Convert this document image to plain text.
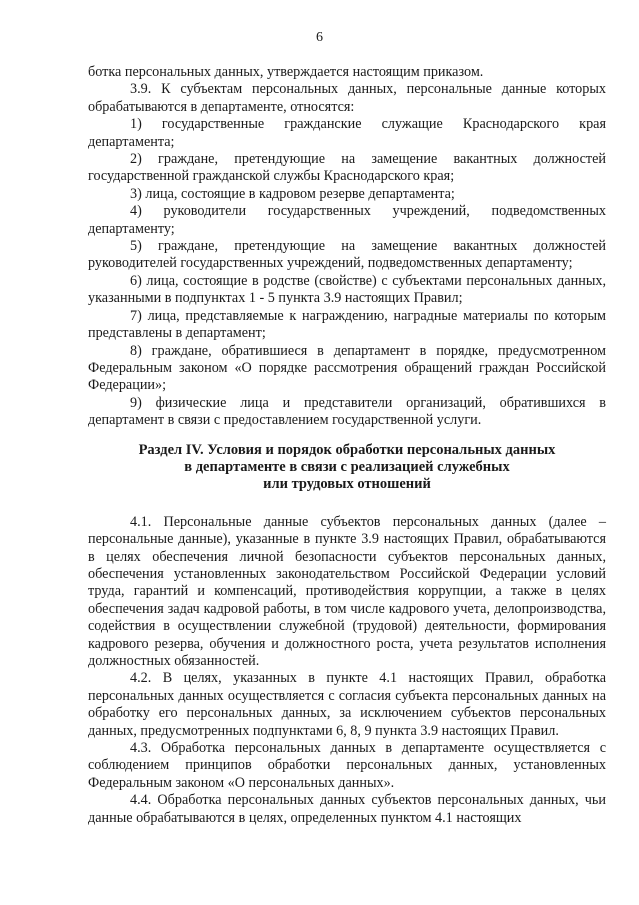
6

ботка персональных данных, утверждается настоящим приказом.

3.9. К субъектам персональных данных, персональные данные которых обрабатываются в департаменте, относятся:

1) государственные гражданские служащие Краснодарского края департамента;

2) граждане, претендующие на замещение вакантных должностей государственной гражданской службы Краснодарского края;

3) лица, состоящие в кадровом резерве департамента;

4) руководители государственных учреждений, подведомственных департаменту;

5) граждане, претендующие на замещение вакантных должностей руководителей государственных учреждений, подведомственных департаменту;

6) лица, состоящие в родстве (свойстве) с субъектами персональных данных, указанными в подпунктах 1 - 5 пункта 3.9 настоящих Правил;

7) лица, представляемые к награждению, наградные материалы по которым представлены в департамент;

8) граждане, обратившиеся в департамент в порядке, предусмотренном Федеральным законом «О порядке рассмотрения обращений граждан Российской Федерации»;

9) физические лица и представители организаций, обратившихся в департамент в связи с предоставлением государственной услуги.

Раздел IV. Условия и порядок обработки персональных данных
в департаменте в связи с реализацией служебных
или трудовых отношений

4.1. Персональные данные субъектов персональных данных (далее – персональные данные), указанные в пункте 3.9 настоящих Правил, обрабатываются в целях обеспечения личной безопасности субъектов персональных данных, обеспечения установленных законодательством Российской Федерации условий труда, гарантий и компенсаций, противодействия коррупции, а также в целях обеспечения задач кадровой работы, в том числе кадрового учета, делопроизводства, содействия в осуществлении служебной (трудовой) деятельности, формирования кадрового резерва, обучения и должностного роста, учета результатов исполнения должностных обязанностей.

4.2. В целях, указанных в пункте 4.1 настоящих Правил, обработка персональных данных осуществляется с согласия субъекта персональных данных на обработку его персональных данных, за исключением субъектов персональных данных, предусмотренных подпунктами 6, 8, 9 пункта 3.9 настоящих Правил.

4.3. Обработка персональных данных в департаменте осуществляется с соблюдением принципов обработки персональных данных, установленных Федеральным законом «О персональных данных».

4.4. Обработка персональных данных субъектов персональных данных, чьи данные обрабатываются в целях, определенных пунктом 4.1 настоящих
